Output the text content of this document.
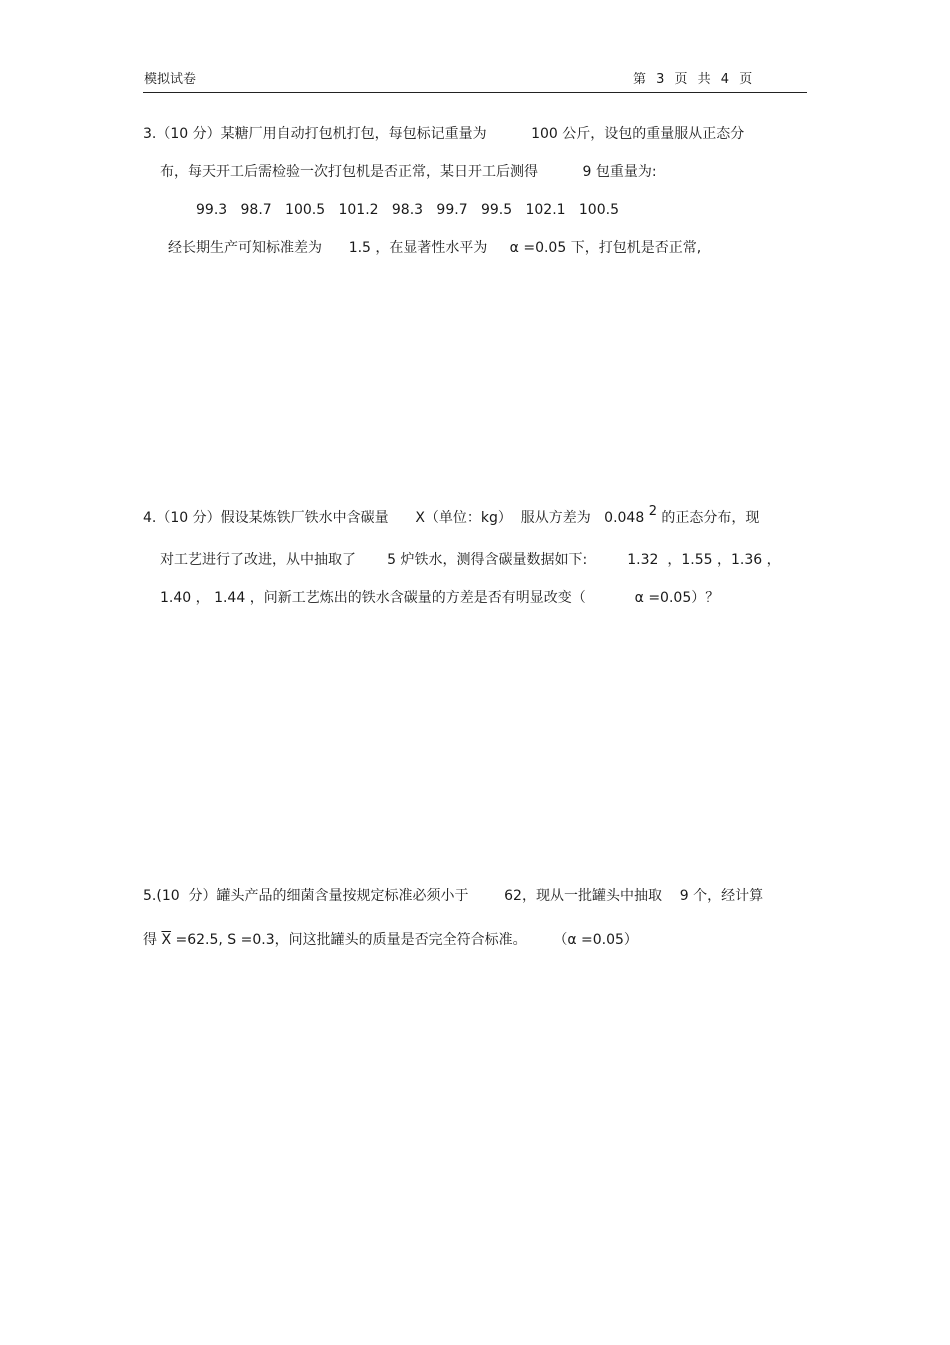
模拟试卷	第 3 页 共 4 页
3.（10 分）某糖厂用自动打包机打包，每包标记重量为          100 公斤，设包的重量服从正态分
布，每天开工后需检验一次打包机是否正常，某日开工后测得          9 包重量为:
99.3   98.7   100.5   101.2   98.3   99.7   99.5   102.1   100.5
经长期生产可知标准差为      1.5 ，在显著性水平为     α =0.05 下，打包机是否正常,
4.（10 分）假设某炼铁厂铁水中含碳量      X（单位：kg）  服从方差为   0.048 2 的正态分布，现
对工艺进行了改进，从中抽取了       5 炉铁水，测得含碳量数据如下:         1.32  ，1.55 ，1.36 ，
1.40 ， 1.44 ，问新工艺炼出的铁水含碳量的方差是否有明显改变（           α =0.05）？
5.(10  分）罐头产品的细菌含量按规定标准必须小于        62，现从一批罐头中抽取    9 个，经计算
得 $\overline{X} =62.5$, S =0.3，问这批罐头的质量是否完全符合标准。      （α =0.05）
